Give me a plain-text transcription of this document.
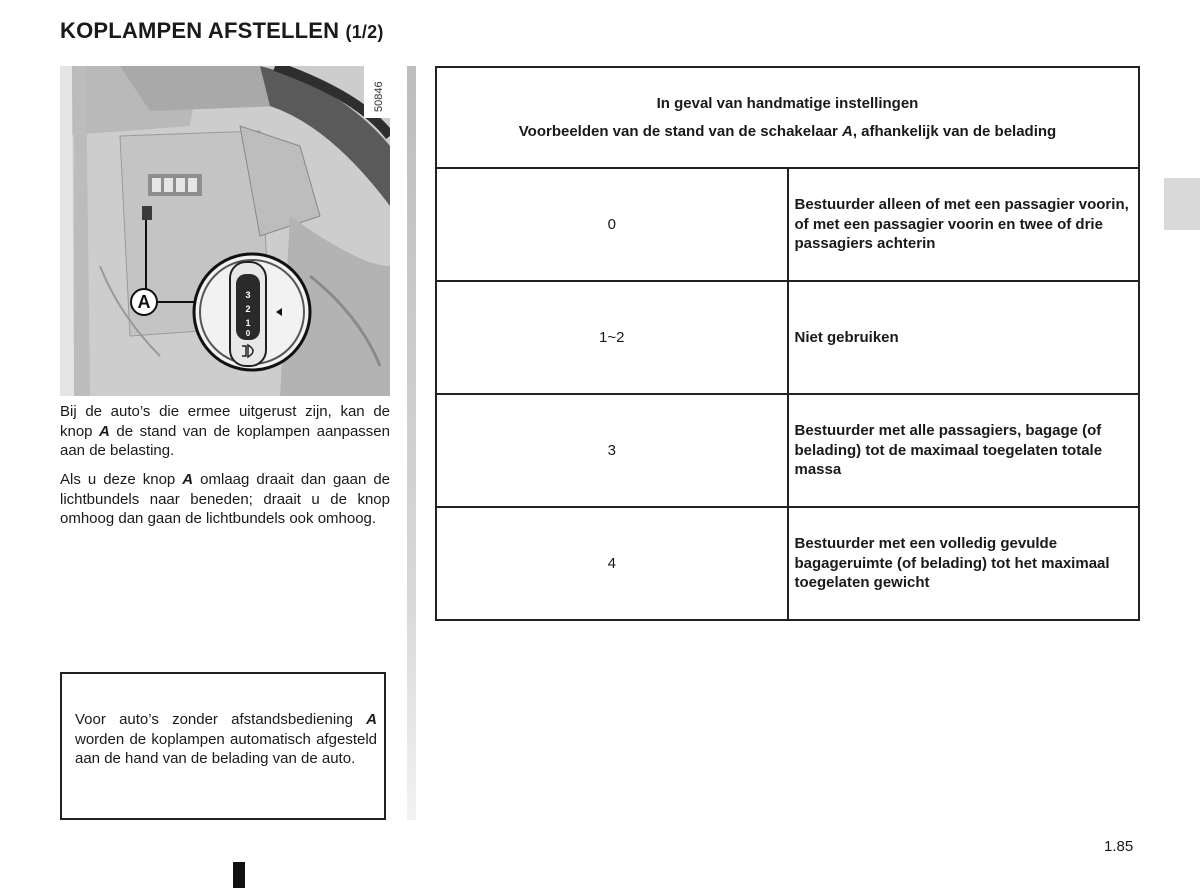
KOPLAMPEN AFSTELLEN (1/2)
A	3
2
1
0
50846

Bij de auto’s die ermee uitgerust zijn, kan de knop A de stand van de koplampen aanpassen aan de belasting.

Als u deze knop A omlaag draait dan gaan de lichtbundels naar beneden; draait u de knop omhoog dan gaan de lichtbundels ook omhoog.

Voor auto’s zonder afstandsbediening A worden de koplampen automatisch afgesteld aan de hand van de belading van de auto.

In geval van handmatige instellingen
Voorbeelden van de stand van de schakelaar A, afhankelijk van de belading	

0	Bestuurder alleen of met een passagier voorin, of met een passagier voorin en twee of drie passagiers achterin
1~2	Niet gebruiken
3	Bestuurder met alle passagiers, bagage (of belading) tot de maximaal toegelaten totale massa
4	Bestuurder met een volledig gevulde bagageruimte (of belading) tot het maximaal toegelaten gewicht
1.85
